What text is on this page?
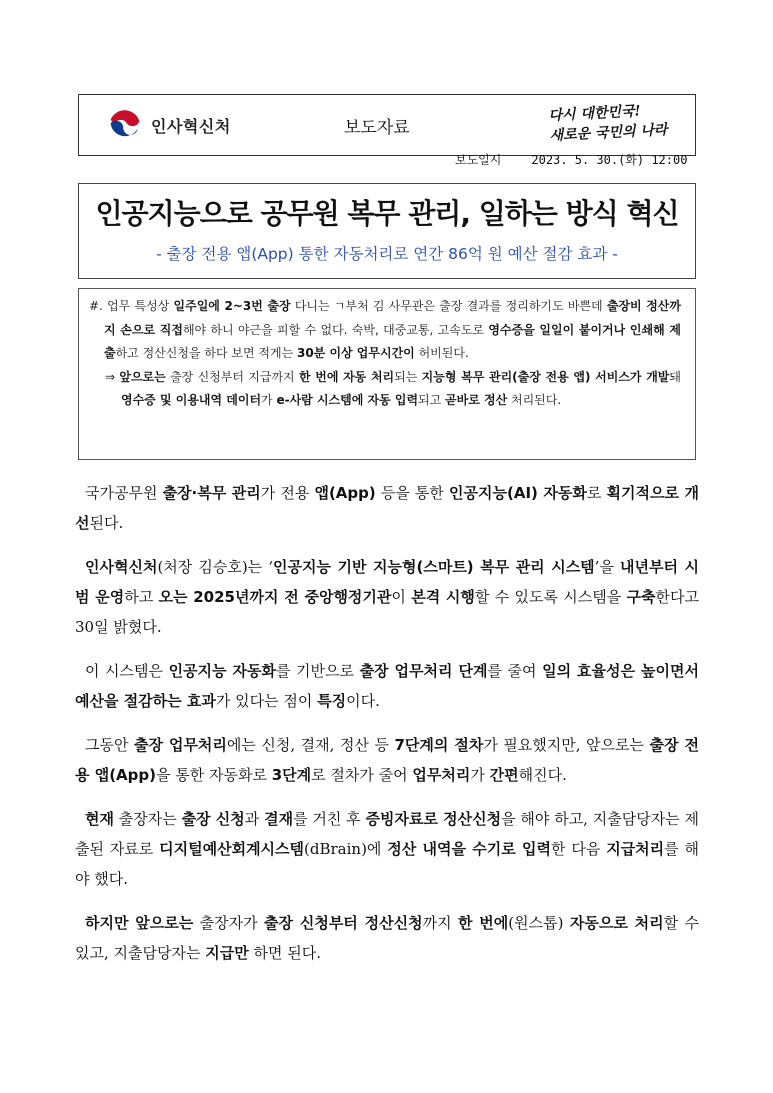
인사혁신처	보도자료
다시 대한민국!
새로운 국민의 나라
보도일시	2023. 5. 30.(화) 12:00
인공지능으로 공무원 복무 관리, 일하는 방식 혁신
- 출장 전용 앱(App) 통한 자동처리로 연간 86억 원 예산 절감 효과 -

#. 업무 특성상 일주일에 2~3번 출장 다니는 ㄱ부처 김 사무관은 출장 결과를 정리하기도 바쁜데 출장비 정산까지 손으로 직접해야 하니 야근을 피할 수 없다. 숙박, 대중교통, 고속도로 영수증을 일일이 붙이거나 인쇄해 제출하고 정산신청을 하다 보면 적게는 30분 이상 업무시간이 허비된다.

⇒ 앞으로는 출장 신청부터 지급까지 한 번에 자동 처리되는 지능형 복무 관리(출장 전용 앱) 서비스가 개발돼 영수증 및 이용내역 데이터가 e-사람 시스템에 자동 입력되고 곧바로 정산 처리된다.

국가공무원 출장·복무 관리가 전용 앱(App) 등을 통한 인공지능(AI) 자동화로 획기적으로 개선된다.

인사혁신처(처장 김승호)는 ‘인공지능 기반 지능형(스마트) 복무 관리 시스템’을 내년부터 시범 운영하고 오는 2025년까지 전 중앙행정기관이 본격 시행할 수 있도록 시스템을 구축한다고 30일 밝혔다.

이 시스템은 인공지능 자동화를 기반으로 출장 업무처리 단계를 줄여 일의 효율성은 높이면서 예산을 절감하는 효과가 있다는 점이 특징이다.

그동안 출장 업무처리에는 신청, 결재, 정산 등 7단계의 절차가 필요했지만, 앞으로는 출장 전용 앱(App)을 통한 자동화로 3단계로 절차가 줄어 업무처리가 간편해진다.

현재 출장자는 출장 신청과 결재를 거친 후 증빙자료로 정산신청을 해야 하고, 지출담당자는 제출된 자료로 디지털예산회계시스템(dBrain)에 정산 내역을 수기로 입력한 다음 지급처리를 해야 했다.

하지만 앞으로는 출장자가 출장 신청부터 정산신청까지 한 번에(원스톱) 자동으로 처리할 수 있고, 지출담당자는 지급만 하면 된다.
